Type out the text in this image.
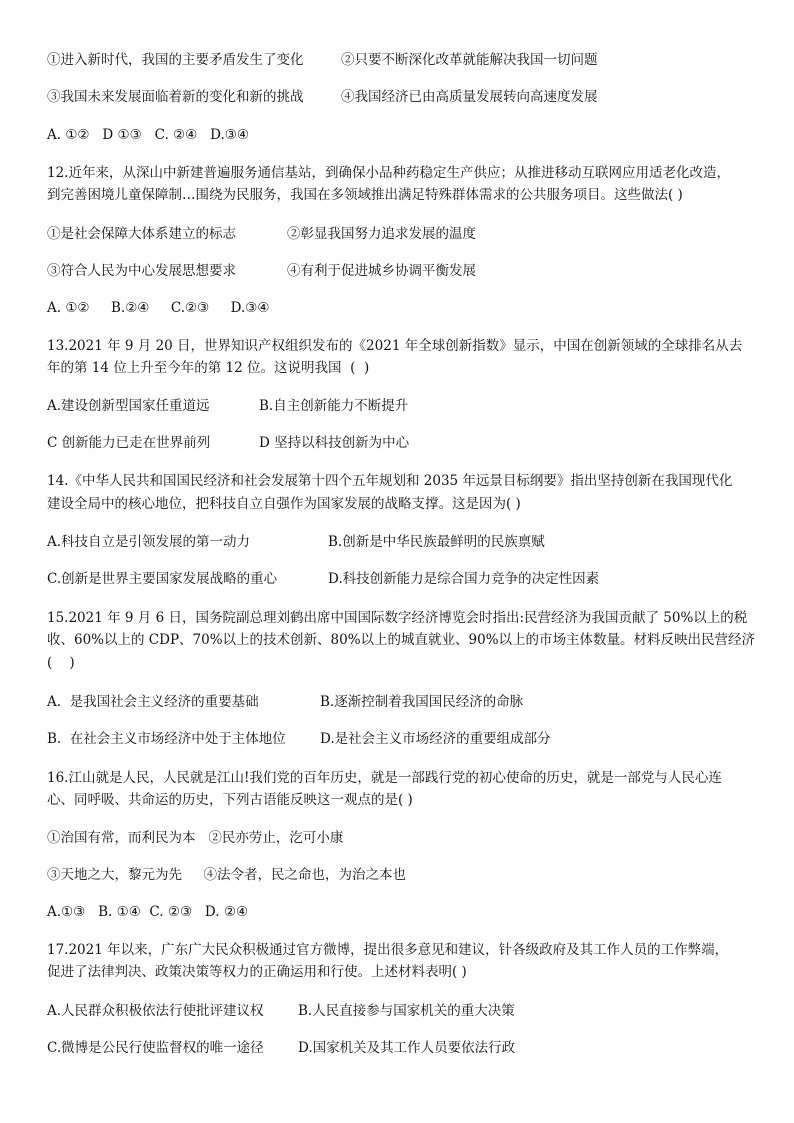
①进入新时代，我国的主要矛盾发生了变化	②只要不断深化改革就能解决我国一切问题
③我国未来发展面临着新的变化和新的挑战	④我国经济已由高质量发展转向高速度发展
A. ①②   D ①③   C. ②④   D.③④
12.近年来，从深山中新建普遍服务通信基站，到确保小品种药稳定生产供应；从推进移动互联网应用适老化改造，
到完善困境儿童保障制…围绕为民服务，我国在多领域推出满足特殊群体需求的公共服务项目。这些做法( )
①是社会保障大体系建立的标志	②彰显我国努力追求发展的温度
③符合人民为中心发展思想要求	④有利于促进城乡协调平衡发展
A. ①②     B.②④     C.②③     D.③④
13.2021 年 9 月 20 日，世界知识产权组织发布的《2021 年全球创新指数》显示，中国在创新领域的全球排名从去
年的第 14 位上升至今年的第 12 位。这说明我国  (  )
A.建设创新型国家任重道远	B.自主创新能力不断提升
C 创新能力已走在世界前列	D 坚持以科技创新为中心
14.《中华人民共和国国民经济和社会发展第十四个五年规划和 2035 年远景目标纲要》指出坚持创新在我国现代化
建设全局中的核心地位，把科技自立自强作为国家发展的战略支撑。这是因为( )
A.科技自立是引领发展的第一动力	B.创新是中华民族最鲜明的民族禀赋
C.创新是世界主要国家发展战略的重心	D.科技创新能力是综合国力竞争的决定性因素
15.2021 年 9 月 6 日，国务院副总理刘鹤出席中国国际数字经济博览会时指出:民营经济为我国贡献了 50%以上的税
收、60%以上的 CDP、70%以上的技术创新、80%以上的城直就业、90%以上的市场主体数量。材料反映出民营经济
(    )
A.  是我国社会主义经济的重要基础	B.逐渐控制着我国国民经济的命脉
B.  在社会主义市场经济中处于主体地位	D.是社会主义市场经济的重要组成部分
16.江山就是人民，人民就是江山!我们党的百年历史，就是一部践行党的初心使命的历史，就是一部党与人民心连
心、同呼吸、共命运的历史，下列古语能反映这一观点的是( )
①治国有常，而利民为本   ②民亦劳止，汔可小康
③天地之大，黎元为先     ④法令者，民之命也，为治之本也
A.①③   B. ①④  C. ②③   D. ②④
17.2021 年以来，广东广大民众积极通过官方微博，提出很多意见和建议，针各级政府及其工作人员的工作弊端，
促进了法律判决、政策决策等权力的正确运用和行使。上述材料表明( )
A.人民群众积极依法行使批评建议权	B.人民直接参与国家机关的重大决策
C.微博是公民行使监督权的唯一途径	D.国家机关及其工作人员要依法行政
